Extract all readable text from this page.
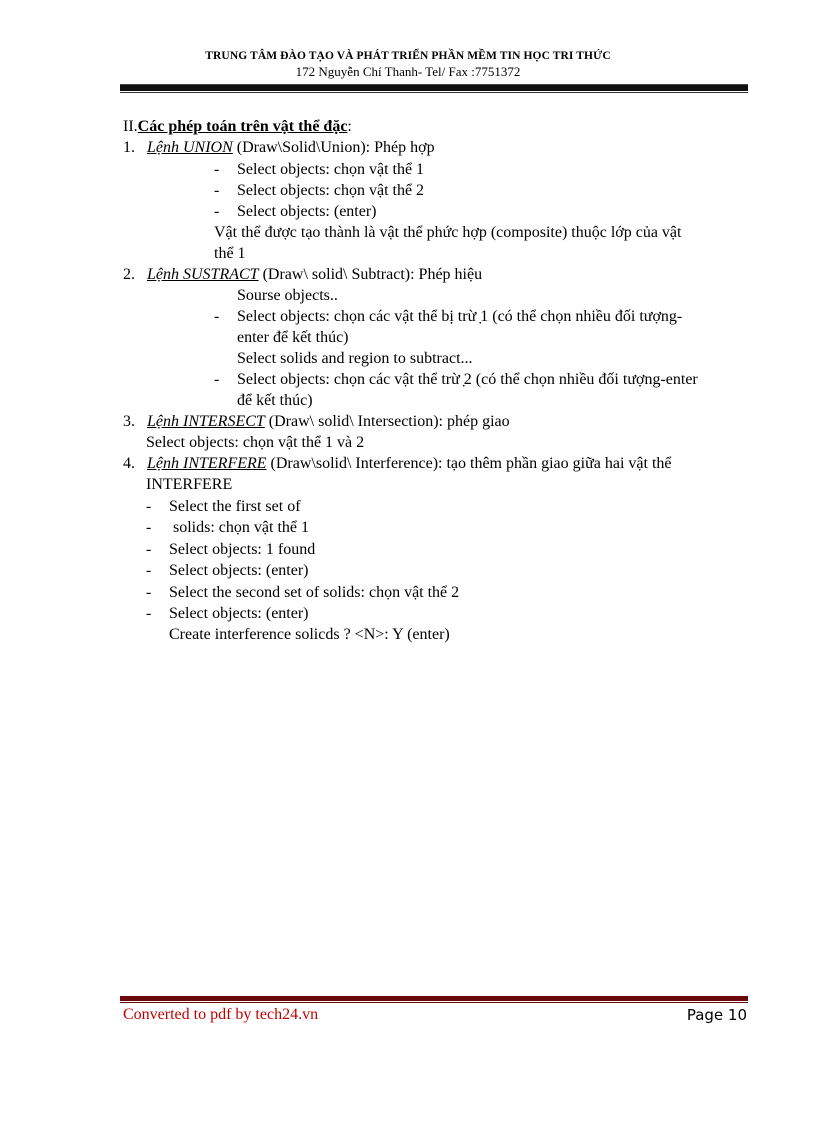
TRUNG TÂM ĐÀO TẠO VÀ PHÁT TRIỂN PHẦN MỀM TIN HỌC TRI THỨC
172 Nguyễn Chí Thanh- Tel/ Fax :7751372
II.Các phép toán trên vật thể đặc:
1. Lệnh UNION (Draw\Solid\Union): Phép hợp
- Select objects: chọn vật thể 1
- Select objects: chọn vật thể 2
- Select objects: (enter)
Vật thể được tạo thành là vật thể phức hợp (composite) thuộc lớp của vật
thể 1
2. Lệnh SUSTRACT (Draw\ solid\ Subtract): Phép hiệu
Sourse objects..
- Select objects: chọn các vật thể bị trừ ̣1 (có thể chọn nhiều đối tượng-
enter để kết thúc)
Select solids and region to subtract...
- Select objects: chọn các vật thể trừ ̣2 (có thể chọn nhiều đối tượng-enter
để kết thúc)
3. Lệnh INTERSECT (Draw\ solid\ Intersection): phép giao
Select objects: chọn vật thể 1 và 2
4. Lệnh INTERFERE (Draw\solid\ Interference): tạo thêm phần giao giữa hai vật thể
INTERFERE
- Select the first set of
- solids: chọn vật thể 1
- Select objects: 1 found
- Select objects: (enter)
- Select the second set of solids: chọn vật thể 2
- Select objects: (enter)
Create interference solicds ? <N>: Y (enter)
Converted to pdf by tech24.vn	Page 10
